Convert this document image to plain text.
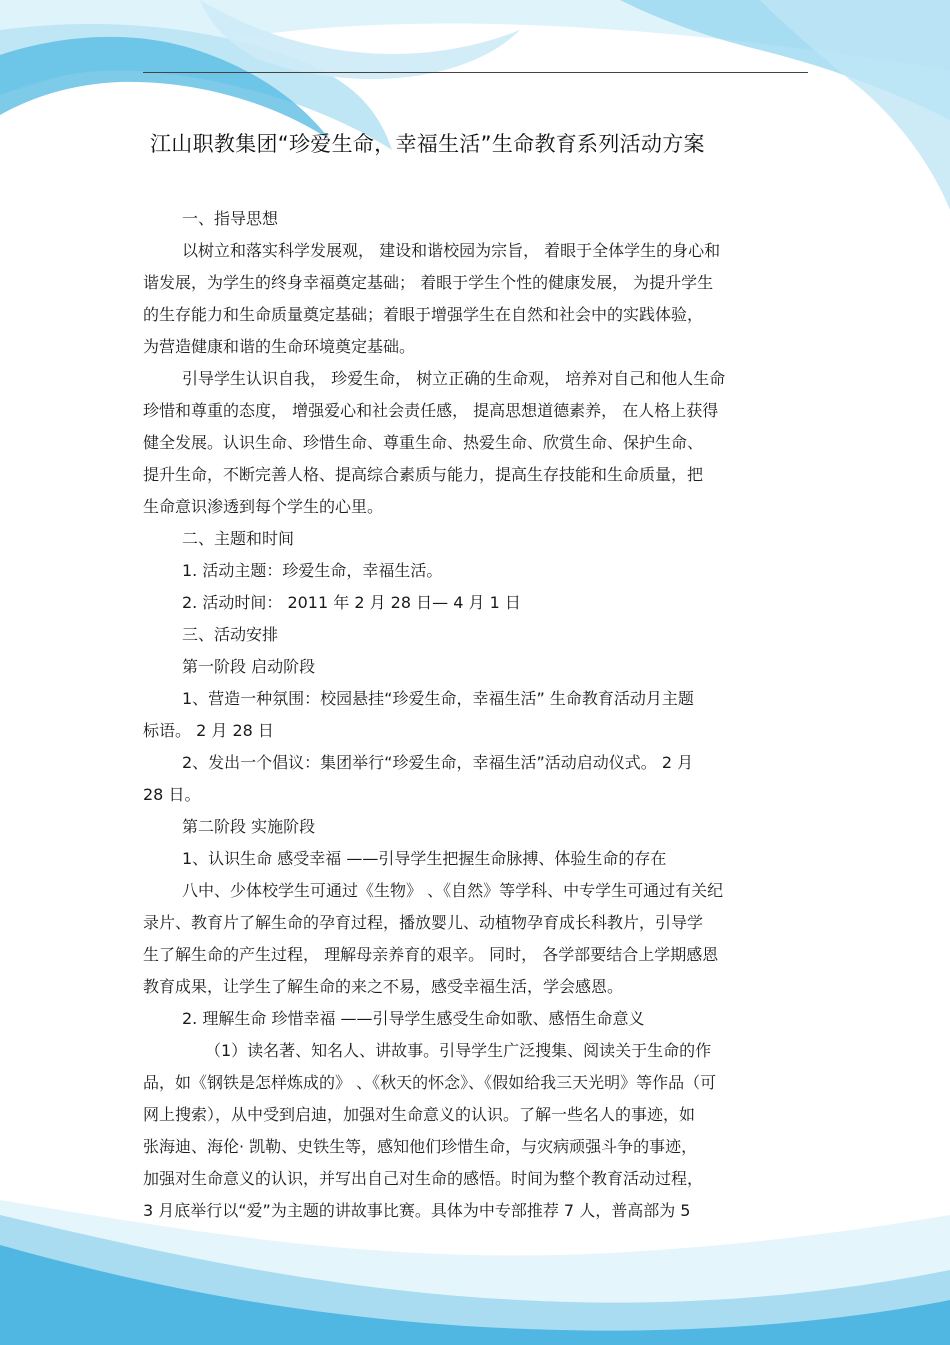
江山职教集团“珍爱生命，幸福生活”生命教育系列活动方案
一、指导思想
以树立和落实科学发展观， 建设和谐校园为宗旨， 着眼于全体学生的身心和
谐发展，为学生的终身幸福奠定基础； 着眼于学生个性的健康发展， 为提升学生
的生存能力和生命质量奠定基础；着眼于增强学生在自然和社会中的实践体验，
为营造健康和谐的生命环境奠定基础。
引导学生认识自我， 珍爱生命， 树立正确的生命观， 培养对自己和他人生命
珍惜和尊重的态度， 增强爱心和社会责任感， 提高思想道德素养， 在人格上获得
健全发展。认识生命、珍惜生命、尊重生命、热爱生命、欣赏生命、保护生命、
提升生命，不断完善人格、提高综合素质与能力，提高生存技能和生命质量，把
生命意识渗透到每个学生的心里。
二、主题和时间
1. 活动主题：珍爱生命，幸福生活。
2. 活动时间： 2011 年 2 月 28 日— 4 月 1 日
三、活动安排
第一阶段 启动阶段
1、营造一种氛围：校园悬挂“珍爱生命，幸福生活” 生命教育活动月主题
标语。 2 月 28 日
2、发出一个倡议：集团举行“珍爱生命，幸福生活”活动启动仪式。 2 月
28 日。
第二阶段 实施阶段
1、认识生命 感受幸福 ——引导学生把握生命脉搏、体验生命的存在
八中、少体校学生可通过《生物》 、《自然》等学科、中专学生可通过有关纪
录片、教育片了解生命的孕育过程，播放婴儿、动植物孕育成长科教片，引导学
生了解生命的产生过程， 理解母亲养育的艰辛。 同时， 各学部要结合上学期感恩
教育成果，让学生了解生命的来之不易，感受幸福生活，学会感恩。
2. 理解生命 珍惜幸福 ——引导学生感受生命如歌、感悟生命意义
（1）读名著、知名人、讲故事。引导学生广泛搜集、阅读关于生命的作
品，如《钢铁是怎样炼成的》 、《秋天的怀念》、《假如给我三天光明》等作品（可
网上搜索），从中受到启迪，加强对生命意义的认识。了解一些名人的事迹，如
张海迪、海伦· 凯勒、史铁生等，感知他们珍惜生命，与灾病顽强斗争的事迹，
加强对生命意义的认识，并写出自己对生命的感悟。时间为整个教育活动过程，
3 月底举行以“爱”为主题的讲故事比赛。具体为中专部推荐 7 人，普高部为 5
